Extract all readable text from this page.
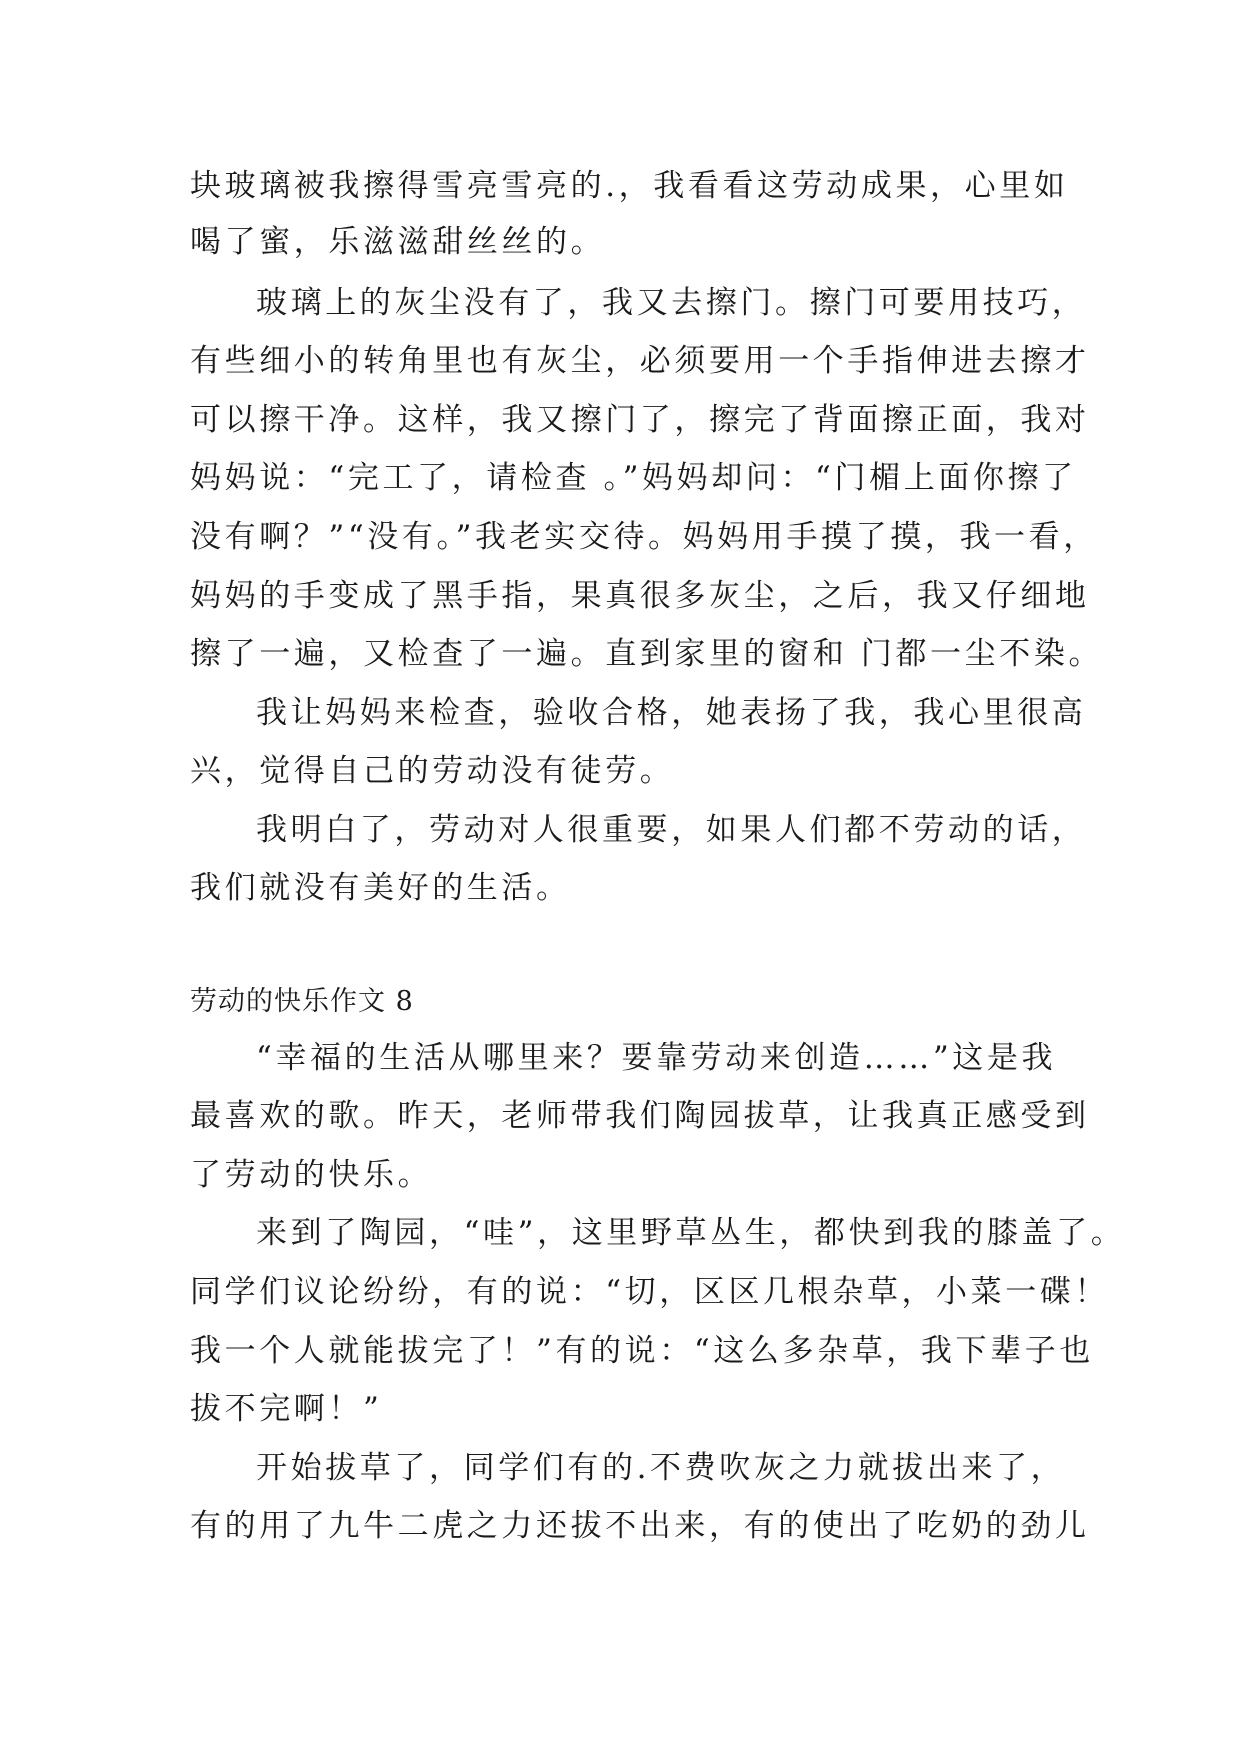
块玻璃被我擦得雪亮雪亮的.，我看看这劳动成果，心里如
喝了蜜，乐滋滋甜丝丝的。
玻璃上的灰尘没有了，我又去擦门。擦门可要用技巧，
有些细小的转角里也有灰尘，必须要用一个手指伸进去擦才
可以擦干净。这样，我又擦门了，擦完了背面擦正面，我对
妈妈说：“完工了，请检查 。”妈妈却问：“门楣上面你擦了
没有啊？”“没有。”我老实交待。妈妈用手摸了摸，我一看，
妈妈的手变成了黑手指，果真很多灰尘，之后，我又仔细地
擦了一遍，又检查了一遍。直到家里的窗和 门都一尘不染。
我让妈妈来检查，验收合格，她表扬了我，我心里很高
兴，觉得自己的劳动没有徒劳。
我明白了，劳动对人很重要，如果人们都不劳动的话，
我们就没有美好的生活。
劳动的快乐作文 8
“幸福的生活从哪里来？要靠劳动来创造……”这是我
最喜欢的歌。昨天，老师带我们陶园拔草，让我真正感受到
了劳动的快乐。
来到了陶园，“哇”，这里野草丛生，都快到我的膝盖了。
同学们议论纷纷，有的说：“切，区区几根杂草，小菜一碟！
我一个人就能拔完了！”有的说：“这么多杂草，我下辈子也
拔不完啊！”
开始拔草了，同学们有的.不费吹灰之力就拔出来了，
有的用了九牛二虎之力还拔不出来，有的使出了吃奶的劲儿
